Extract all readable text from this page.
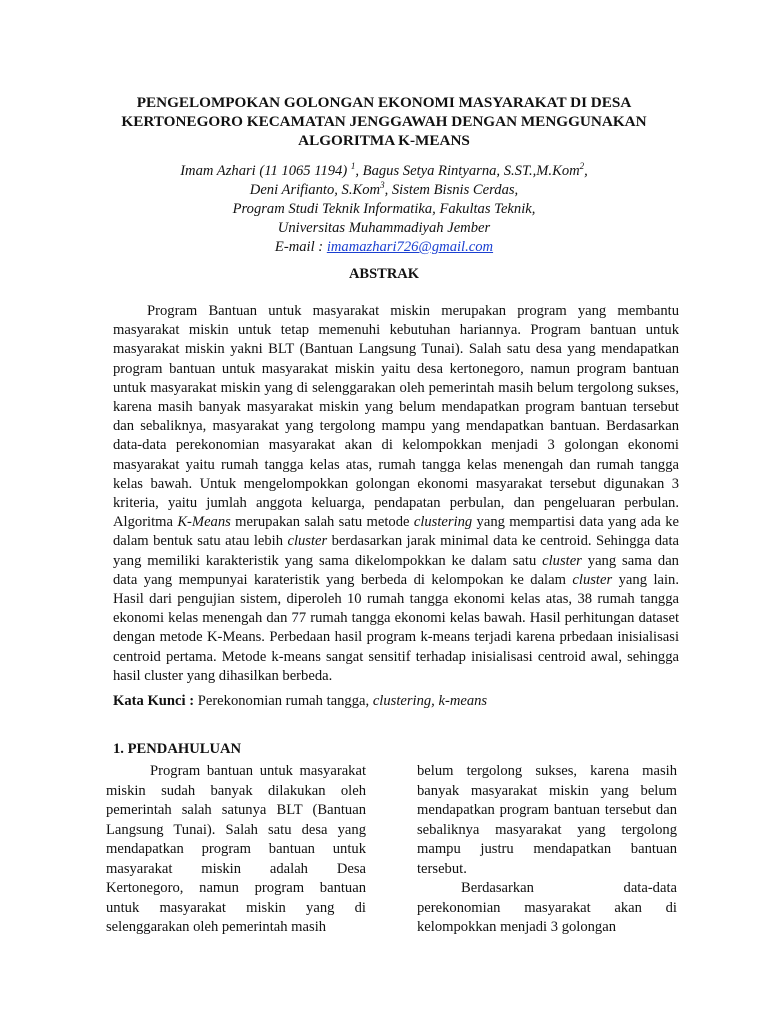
PENGELOMPOKAN GOLONGAN EKONOMI MASYARAKAT DI DESA
KERTONEGORO KECAMATAN JENGGAWAH DENGAN MENGGUNAKAN
ALGORITMA K-MEANS
Imam Azhari (11 1065 1194) $^1$, Bagus Setya Rintyarna, S.ST.,M.Kom$^2$,
Deni Arifianto, S.Kom$^3$, Sistem Bisnis Cerdas,
Program Studi Teknik Informatika, Fakultas Teknik,
Universitas Muhammadiyah Jember
E-mail : imamazhari726@gmail.com
ABSTRAK
Program Bantuan untuk masyarakat miskin merupakan program yang membantu masyarakat miskin untuk tetap memenuhi kebutuhan hariannya. Program bantuan untuk masyarakat miskin yakni BLT (Bantuan Langsung Tunai). Salah satu desa yang mendapatkan program bantuan untuk masyarakat miskin yaitu desa kertonegoro, namun program bantuan untuk masyarakat miskin yang di selenggarakan oleh pemerintah masih belum tergolong sukses, karena masih banyak masyarakat miskin yang belum mendapatkan program bantuan tersebut dan sebaliknya, masyarakat yang tergolong mampu yang mendapatkan bantuan. Berdasarkan data-data perekonomian masyarakat akan di kelompokkan menjadi 3 golongan ekonomi masyarakat yaitu rumah tangga kelas atas, rumah tangga kelas menengah dan rumah tangga kelas bawah. Untuk mengelompokkan golongan ekonomi masyarakat tersebut digunakan 3 kriteria, yaitu jumlah anggota keluarga, pendapatan perbulan, dan pengeluaran perbulan. Algoritma K-Means merupakan salah satu metode clustering yang mempartisi data yang ada ke dalam bentuk satu atau lebih cluster berdasarkan jarak minimal data ke centroid. Sehingga data yang memiliki karakteristik yang sama dikelompokkan ke dalam satu cluster yang sama dan data yang mempunyai karateristik yang berbeda di kelompokan ke dalam cluster yang lain. Hasil dari pengujian sistem, diperoleh 10 rumah tangga ekonomi kelas atas, 38 rumah tangga ekonomi kelas menengah dan 77 rumah tangga ekonomi kelas bawah. Hasil perhitungan dataset dengan metode K-Means. Perbedaan hasil program k-means terjadi karena prbedaan inisialisasi centroid pertama. Metode k-means sangat sensitif terhadap inisialisasi centroid awal, sehingga hasil cluster yang dihasilkan berbeda.
Kata Kunci : Perekonomian rumah tangga, clustering, k-means
1. PENDAHULUAN

Program bantuan untuk masyarakat miskin sudah banyak dilakukan oleh pemerintah salah satunya BLT (Bantuan Langsung Tunai). Salah satu desa yang mendapatkan program bantuan untuk masyarakat miskin adalah Desa Kertonegoro, namun program bantuan untuk masyarakat miskin yang di selenggarakan oleh pemerintah masih

belum tergolong sukses, karena masih banyak masyarakat miskin yang belum mendapatkan program bantuan tersebut dan sebaliknya masyarakat yang tergolong mampu justru mendapatkan bantuan tersebut.

Berdasarkan data-data perekonomian masyarakat akan di kelompokkan menjadi 3 golongan
